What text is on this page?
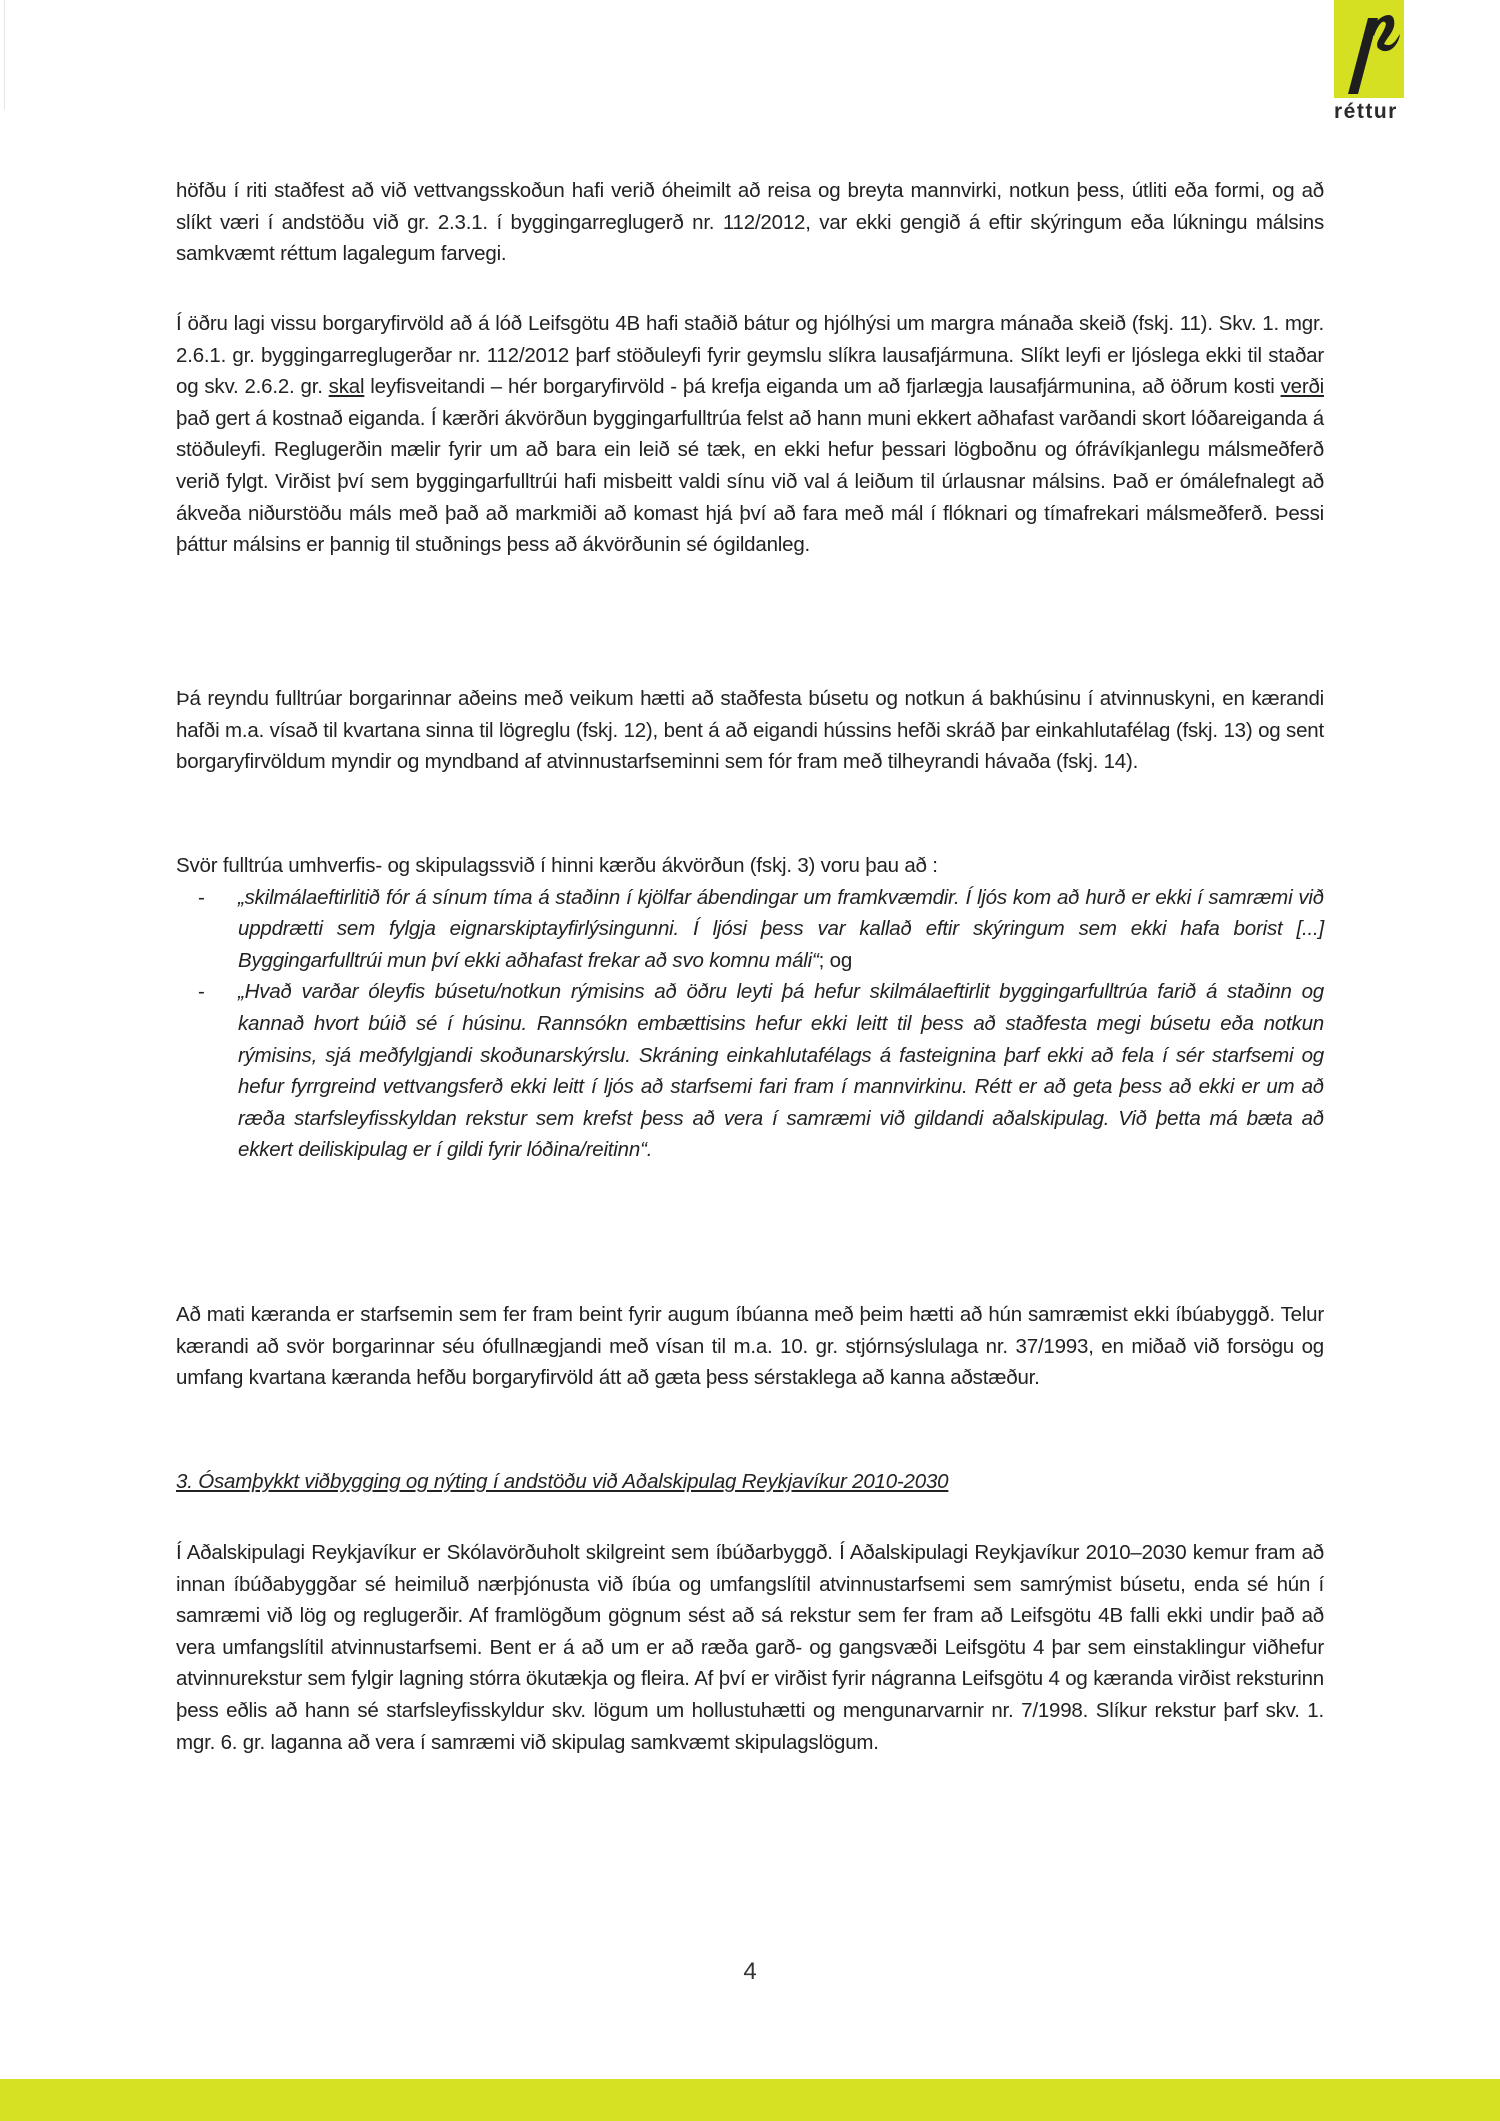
réttur

höfðu í riti staðfest að við vettvangsskoðun hafi verið óheimilt að reisa og breyta mannvirki, notkun þess, útliti eða formi, og að slíkt væri í andstöðu við gr. 2.3.1. í byggingarreglugerð nr. 112/2012, var ekki gengið á eftir skýringum eða lúkningu málsins samkvæmt réttum lagalegum farvegi.

Í öðru lagi vissu borgaryfirvöld að á lóð Leifsgötu 4B hafi staðið bátur og hjólhýsi um margra mánaða skeið (fskj. 11). Skv. 1. mgr. 2.6.1. gr. byggingarreglugerðar nr. 112/2012 þarf stöðuleyfi fyrir geymslu slíkra lausafjármuna. Slíkt leyfi er ljóslega ekki til staðar og skv. 2.6.2. gr. skal leyfisveitandi – hér borgaryfirvöld - þá krefja eiganda um að fjarlægja lausafjármunina, að öðrum kosti verði það gert á kostnað eiganda. Í kærðri ákvörðun byggingarfulltrúa felst að hann muni ekkert aðhafast varðandi skort lóðareiganda á stöðuleyfi. Reglugerðin mælir fyrir um að bara ein leið sé tæk, en ekki hefur þessari lögboðnu og ófrávíkjanlegu málsmeðferð verið fylgt. Virðist því sem byggingarfulltrúi hafi misbeitt valdi sínu við val á leiðum til úrlausnar málsins. Það er ómálefnalegt að ákveða niðurstöðu máls með það að markmiði að komast hjá því að fara með mál í flóknari og tímafrekari málsmeðferð. Þessi þáttur málsins er þannig til stuðnings þess að ákvörðunin sé ógildanleg.

Þá reyndu fulltrúar borgarinnar aðeins með veikum hætti að staðfesta búsetu og notkun á bakhúsinu í atvinnuskyni, en kærandi hafði m.a. vísað til kvartana sinna til lögreglu (fskj. 12), bent á að eigandi hússins hefði skráð þar einkahlutafélag (fskj. 13) og sent borgaryfirvöldum myndir og myndband af atvinnustarfseminni sem fór fram með tilheyrandi hávaða (fskj. 14).

Svör fulltrúa umhverfis- og skipulagssvið í hinni kærðu ákvörðun (fskj. 3) voru þau að :

- „skilmálaeftirlitið fór á sínum tíma á staðinn í kjölfar ábendingar um framkvæmdir. Í ljós kom að hurð er ekki í samræmi við uppdrætti sem fylgja eignarskiptayfirlýsingunni. Í ljósi þess var kallað eftir skýringum sem ekki hafa borist [...] Byggingarfulltrúi mun því ekki aðhafast frekar að svo komnu máli“; og
- „Hvað varðar óleyfis búsetu/notkun rýmisins að öðru leyti þá hefur skilmálaeftirlit byggingarfulltrúa farið á staðinn og kannað hvort búið sé í húsinu. Rannsókn embættisins hefur ekki leitt til þess að staðfesta megi búsetu eða notkun rýmisins, sjá meðfylgjandi skoðunarskýrslu. Skráning einkahlutafélags á fasteignina þarf ekki að fela í sér starfsemi og hefur fyrrgreind vettvangsferð ekki leitt í ljós að starfsemi fari fram í mannvirkinu. Rétt er að geta þess að ekki er um að ræða starfsleyfisskyldan rekstur sem krefst þess að vera í samræmi við gildandi aðalskipulag. Við þetta má bæta að ekkert deiliskipulag er í gildi fyrir lóðina/reitinn“.

Að mati kæranda er starfsemin sem fer fram beint fyrir augum íbúanna með þeim hætti að hún samræmist ekki íbúabyggð. Telur kærandi að svör borgarinnar séu ófullnægjandi með vísan til m.a. 10. gr. stjórnsýslulaga nr. 37/1993, en miðað við forsögu og umfang kvartana kæranda hefðu borgaryfirvöld átt að gæta þess sérstaklega að kanna aðstæður.

3. Ósamþykkt viðbygging og nýting í andstöðu við Aðalskipulag Reykjavíkur 2010-2030

Í Aðalskipulagi Reykjavíkur er Skólavörðuholt skilgreint sem íbúðarbyggð. Í Aðalskipulagi Reykjavíkur 2010–2030 kemur fram að innan íbúðabyggðar sé heimiluð nærþjónusta við íbúa og umfangslítil atvinnustarfsemi sem samrýmist búsetu, enda sé hún í samræmi við lög og reglugerðir. Af framlögðum gögnum sést að sá rekstur sem fer fram að Leifsgötu 4B falli ekki undir það að vera umfangslítil atvinnustarfsemi. Bent er á að um er að ræða garð- og gangsvæði Leifsgötu 4 þar sem einstaklingur viðhefur atvinnurekstur sem fylgir lagning stórra ökutækja og fleira. Af því er virðist fyrir nágranna Leifsgötu 4 og kæranda virðist reksturinn þess eðlis að hann sé starfsleyfisskyldur skv. lögum um hollustuhætti og mengunarvarnir nr. 7/1998. Slíkur rekstur þarf skv. 1. mgr. 6. gr. laganna að vera í samræmi við skipulag samkvæmt skipulagslögum.

4
